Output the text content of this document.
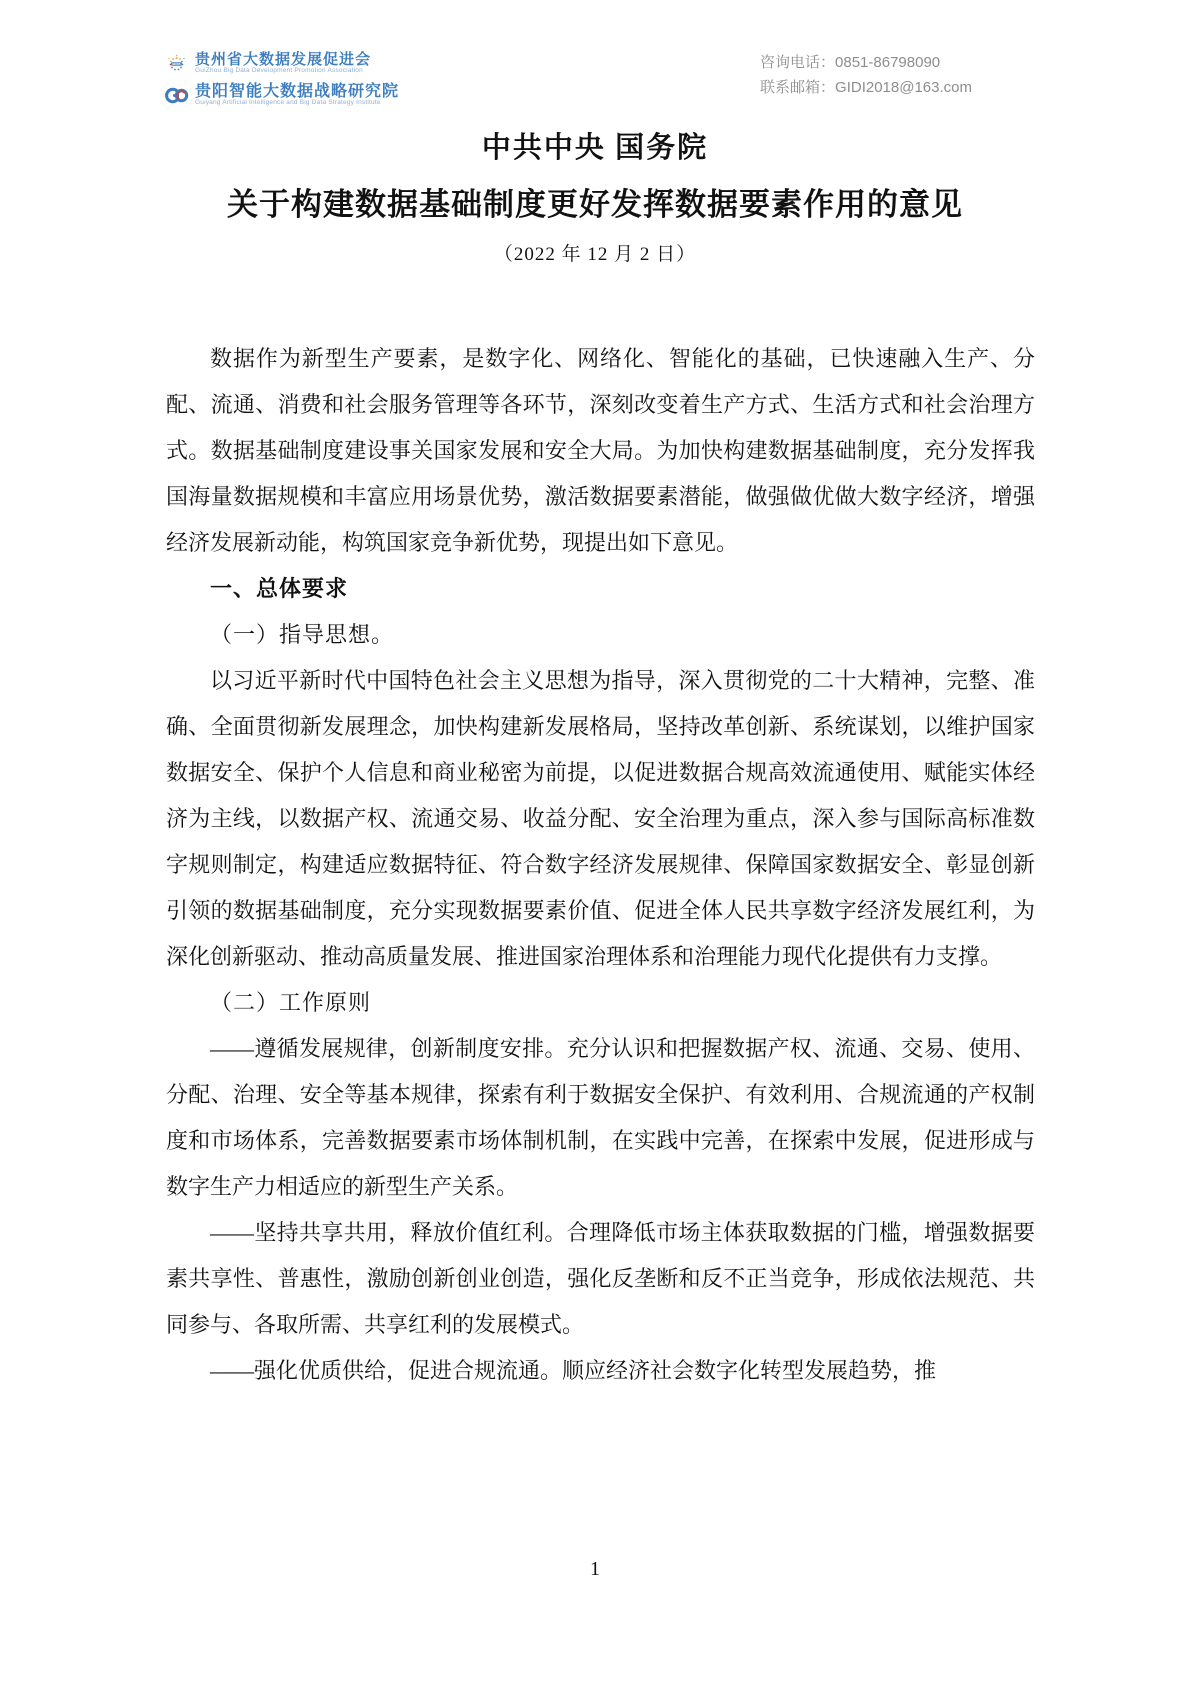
BDPA 贵州省大数据发展促进会
GuiZhou Big Data Development Promotion Association
贵阳智能大数据战略研究院
Guiyang Artificial Intelligence and Big Data Strategy Institute
咨询电话：0851-86798090
联系邮箱：GIDI2018@163.com
中共中央 国务院
关于构建数据基础制度更好发挥数据要素作用的意见
（2022 年 12 月 2 日）

数据作为新型生产要素，是数字化、网络化、智能化的基础，已快速融入生产、分配、流通、消费和社会服务管理等各环节，深刻改变着生产方式、生活方式和社会治理方式。数据基础制度建设事关国家发展和安全大局。为加快构建数据基础制度，充分发挥我国海量数据规模和丰富应用场景优势，激活数据要素潜能，做强做优做大数字经济，增强经济发展新动能，构筑国家竞争新优势，现提出如下意见。

一、总体要求

（一）指导思想。

以习近平新时代中国特色社会主义思想为指导，深入贯彻党的二十大精神，完整、准确、全面贯彻新发展理念，加快构建新发展格局，坚持改革创新、系统谋划，以维护国家数据安全、保护个人信息和商业秘密为前提，以促进数据合规高效流通使用、赋能实体经济为主线，以数据产权、流通交易、收益分配、安全治理为重点，深入参与国际高标准数字规则制定，构建适应数据特征、符合数字经济发展规律、保障国家数据安全、彰显创新引领的数据基础制度，充分实现数据要素价值、促进全体人民共享数字经济发展红利，为深化创新驱动、推动高质量发展、推进国家治理体系和治理能力现代化提供有力支撑。

（二）工作原则

——遵循发展规律，创新制度安排。充分认识和把握数据产权、流通、交易、使用、分配、治理、安全等基本规律，探索有利于数据安全保护、有效利用、合规流通的产权制度和市场体系，完善数据要素市场体制机制，在实践中完善，在探索中发展，促进形成与数字生产力相适应的新型生产关系。

——坚持共享共用，释放价值红利。合理降低市场主体获取数据的门槛，增强数据要素共享性、普惠性，激励创新创业创造，强化反垄断和反不正当竞争，形成依法规范、共同参与、各取所需、共享红利的发展模式。

——强化优质供给，促进合规流通。顺应经济社会数字化转型发展趋势，推

1
